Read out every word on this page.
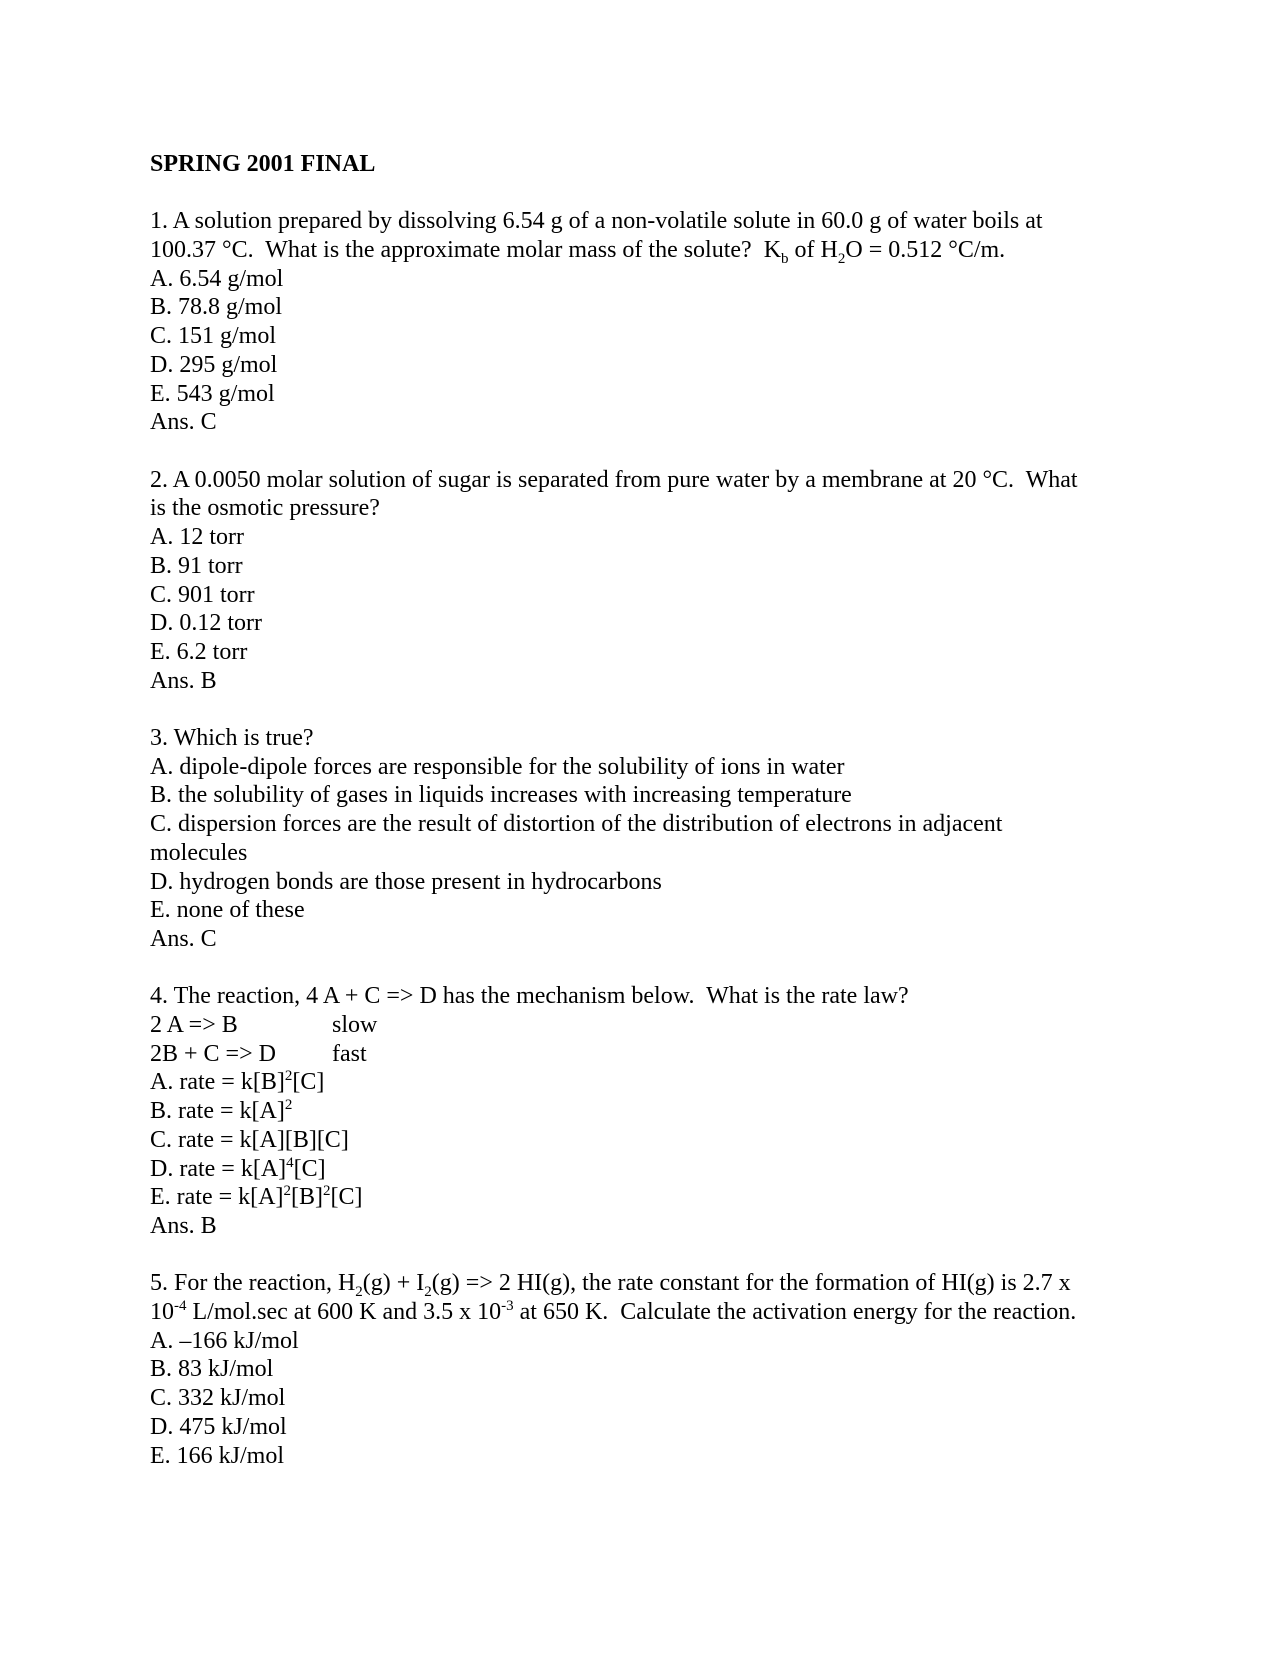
SPRING 2001 FINAL
1. A solution prepared by dissolving 6.54 g of a non-volatile solute in 60.0 g of water boils at
100.37 °C.  What is the approximate molar mass of the solute?  $K_b$ of $H_2O = 0.512$ °C/m.
A. 6.54 g/mol
B. 78.8 g/mol
C. 151 g/mol
D. 295 g/mol
E. 543 g/mol
Ans. C
2. A 0.0050 molar solution of sugar is separated from pure water by a membrane at 20 °C.  What
is the osmotic pressure?
A. 12 torr
B. 91 torr
C. 901 torr
D. 0.12 torr
E. 6.2 torr
Ans. B
3. Which is true?
A. dipole-dipole forces are responsible for the solubility of ions in water
B. the solubility of gases in liquids increases with increasing temperature
C. dispersion forces are the result of distortion of the distribution of electrons in adjacent
molecules
D. hydrogen bonds are those present in hydrocarbons
E. none of these
Ans. C
4. The reaction, 4 A + C => D has the mechanism below.  What is the rate law?
2 A => B	slow
2B + C => D fast
A. rate = $k[B]^2[C]$
B. rate = $k[A]^2$
C. rate = k[A][B][C]
D. rate = $k[A]^4[C]$
E. rate = $k[A]^2[B]^2[C]$
Ans. B
5. For the reaction, $H_2(g) + I_2(g) => 2$ HI(g), the rate constant for the formation of HI(g) is 2.7 x
$10^{-4}$ L/mol.sec at 600 K and 3.5 x $10^{-3}$ at 650 K.  Calculate the activation energy for the reaction.
A. –166 kJ/mol
B. 83 kJ/mol
C. 332 kJ/mol
D. 475 kJ/mol
E. 166 kJ/mol
